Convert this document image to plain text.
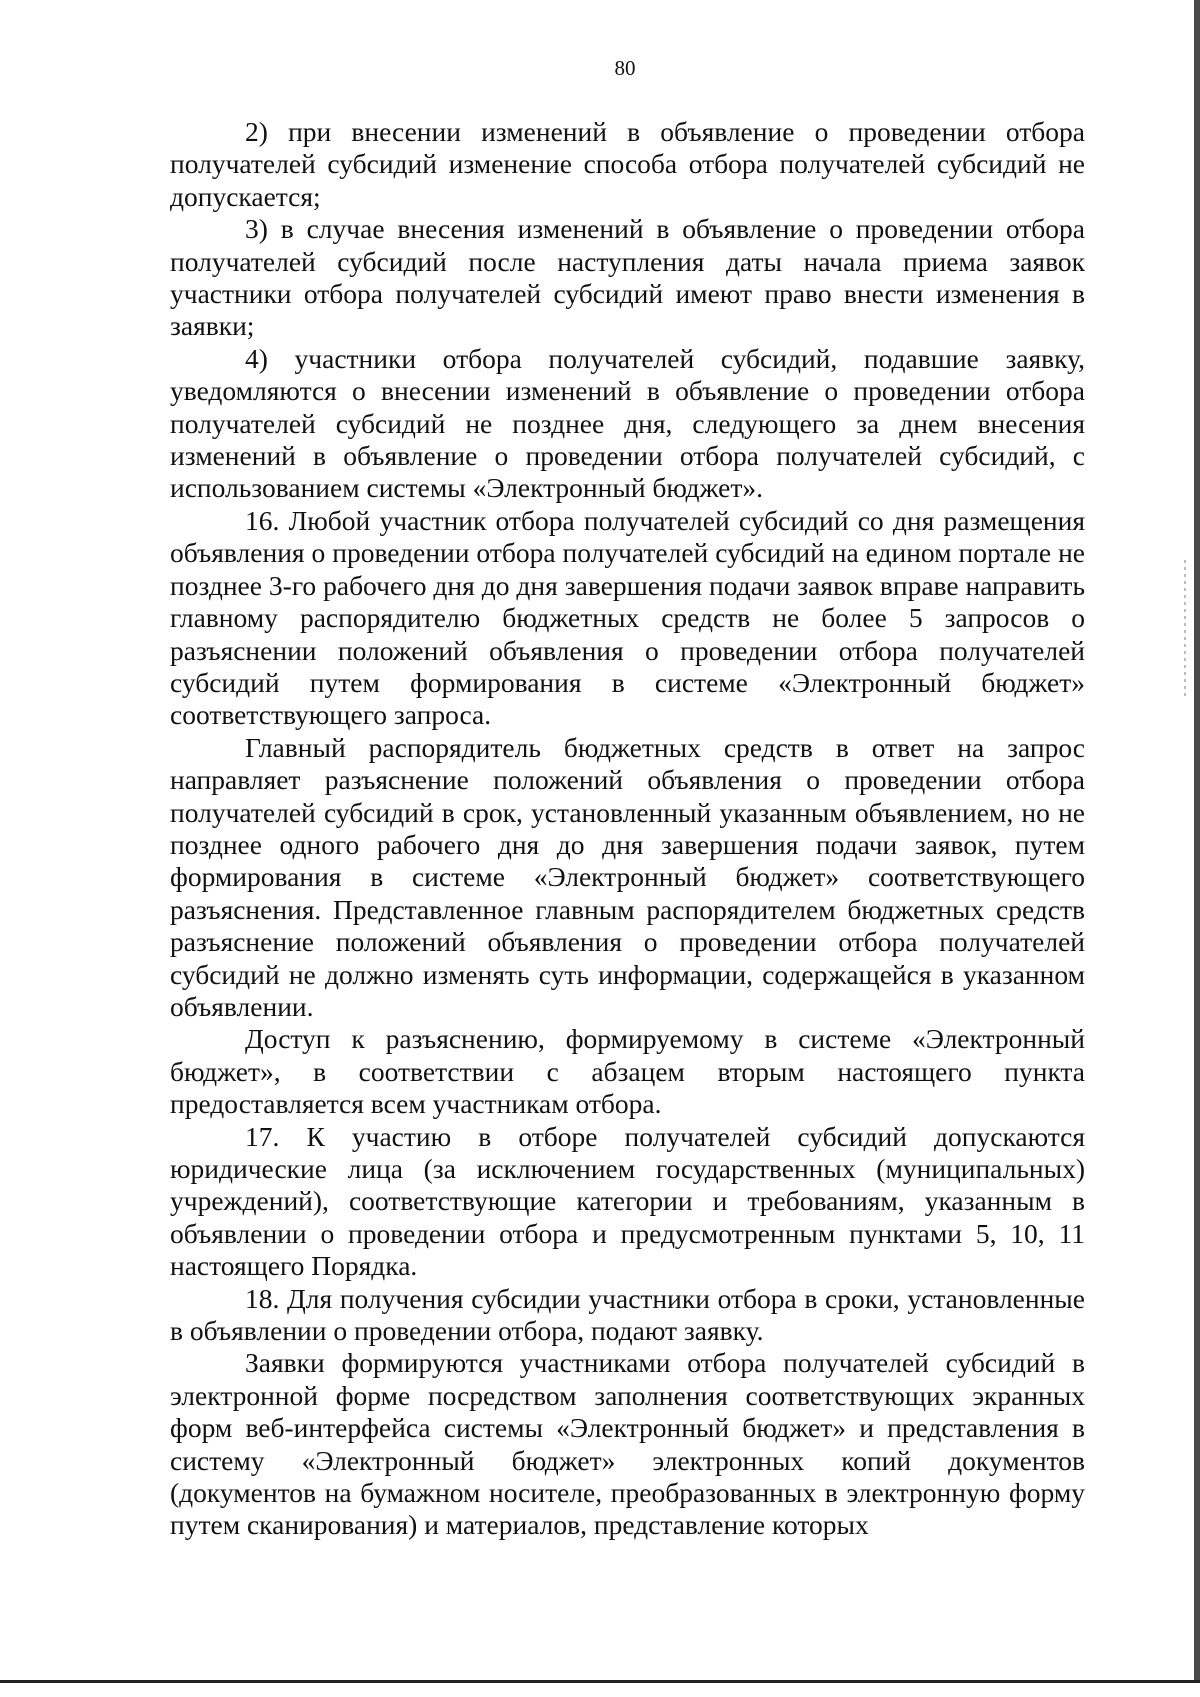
80

2) при внесении изменений в объявление о проведении отбора получателей субсидий изменение способа отбора получателей субсидий не допускается;

3) в случае внесения изменений в объявление о проведении отбора получателей субсидий после наступления даты начала приема заявок участники отбора получателей субсидий имеют право внести изменения в заявки;

4) участники отбора получателей субсидий, подавшие заявку, уведомляются о внесении изменений в объявление о проведении отбора получателей субсидий не позднее дня, следующего за днем внесения изменений в объявление о проведении отбора получателей субсидий, с использованием системы «Электронный бюджет».

16. Любой участник отбора получателей субсидий со дня размещения объявления о проведении отбора получателей субсидий на едином портале не позднее 3-го рабочего дня до дня завершения подачи заявок вправе направить главному распорядителю бюджетных средств не более 5 запросов о разъяснении положений объявления о проведении отбора получателей субсидий путем формирования в системе «Электронный бюджет» соответствующего запроса.

Главный распорядитель бюджетных средств в ответ на запрос направляет разъяснение положений объявления о проведении отбора получателей субсидий в срок, установленный указанным объявлением, но не позднее одного рабочего дня до дня завершения подачи заявок, путем формирования в системе «Электронный бюджет» соответствующего разъяснения. Представленное главным распорядителем бюджетных средств разъяснение положений объявления о проведении отбора получателей субсидий не должно изменять суть информации, содержащейся в указанном объявлении.

Доступ к разъяснению, формируемому в системе «Электронный бюджет», в соответствии с абзацем вторым настоящего пункта предоставляется всем участникам отбора.

17. К участию в отборе получателей субсидий допускаются юридические лица (за исключением государственных (муниципальных) учреждений), соответствующие категории и требованиям, указанным в объявлении о проведении отбора и предусмотренным пунктами 5, 10, 11 настоящего Порядка.

18. Для получения субсидии участники отбора в сроки, установленные в объявлении о проведении отбора, подают заявку.

Заявки формируются участниками отбора получателей субсидий в электронной форме посредством заполнения соответствующих экранных форм веб-интерфейса системы «Электронный бюджет» и представления в систему «Электронный бюджет» электронных копий документов (документов на бумажном носителе, преобразованных в электронную форму путем сканирования) и материалов, представление которых
